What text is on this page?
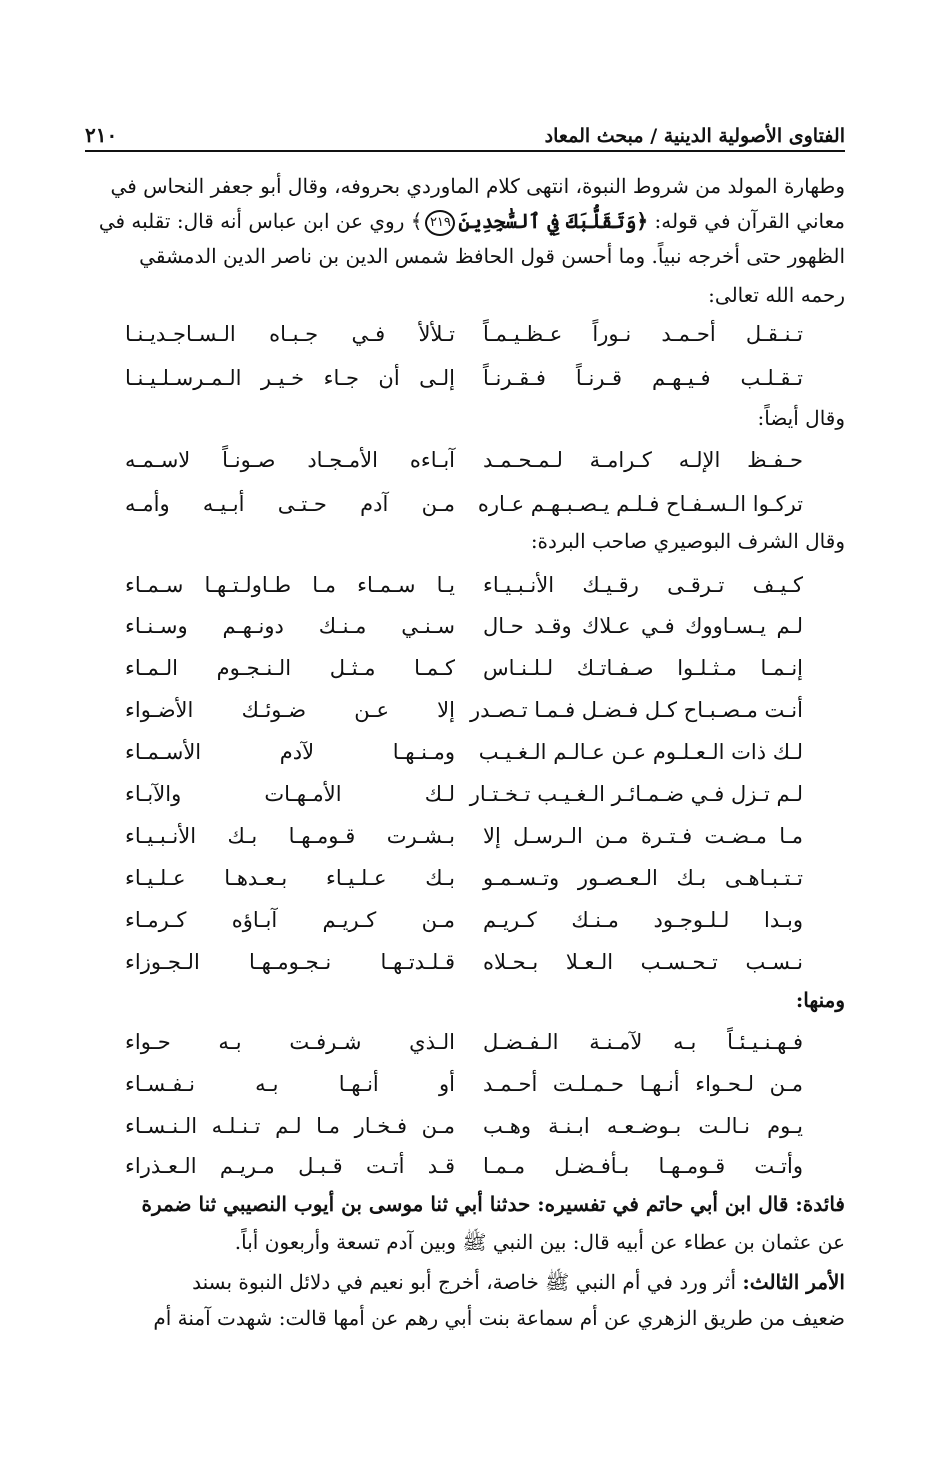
الفتاوى الأصولية الدينية / مبحث المعاد
٢١٠
وطهارة المولد من شروط النبوة، انتهى كلام الماوردي بحروفه، وقال أبو جعفر النحاس في
معاني القرآن في قوله: ﴿وَتَقَلُّبَكَ فِي ٱلسَّٰجِدِينَ٢١٩﴾ روي عن ابن عباس أنه قال: تقلبه في
الظهور حتى أخرجه نبياً. وما أحسن قول الحافظ شمس الدين بن ناصر الدين الدمشقي
رحمه الله تعالى:
تـنـقـل أحـمـد نـوراً عـظـيـمـاً
تـلألأ فـي جـبـاه الـسـاجـديـنـا
تـقـلـب فـيـهـم قـرنـاً فـقـرنـاً
إلـى أن جـاء خـيـر الـمـرسـلـيـنـا
وقال أيضاً:
حـفـظ الإلـه كـرامـة لـمـحـمـد
آبـاءه الأمـجـاد صـونـاً لاسـمـه
تركـوا الـسـفـاح فـلـم يـصـبـهـم عـاره
مـن آدم حـتـى أبـيـه وأمـه
وقال الشرف البوصيري صاحب البردة:
كـيـف تـرقـى رقـيـك الأنـبـيـاء
يـا سـمـاء مـا طـاولـتـهـا سـمـاء
لـم يـسـاووك فـي عـلاك وقـد حـال
سـنـي مـنـك دونـهـم وسـنـاء
إنـمـا مـثـلـوا صـفـاتـك لـلـنـاس
كـمـا مـثـل الـنـجـوم الـمـاء
أنـت مـصـبـاح كـل فـضـل فـمـا تـصـدر
إلا عـن ضـوئـك الأضـواء
لـك ذات الـعـلـوم عـن عـالـم الـغـيـب
ومـنـهـا لآدم الأسـمـاء
لـم تـزل فـي ضـمـائـر الـغـيـب تـخـتـار
لـك الأمـهـات والآبـاء
مـا مـضـت فـتـرة مـن الـرسـل إلا
بـشـرت قـومـهـا بـك الأنـبـيـاء
تـتـبـاهـى بـك الـعـصـور وتـسـمـو
بـك عـلـيـاء بـعـدهـا عـلـيـاء
وبـدا لـلـوجـود مـنـك كـريـم
مـن كـريـم آبـاؤه كـرمـاء
نـسـب تـحـسـب الـعـلا بـحـلاه
قـلـدتـهـا نـجـومـهـا الـجـوزاء
ومنها:
فـهـنـيـئـاً بـه لآمـنـة الـفـضـل
الـذي شـرفـت بـه حـواء
مـن لـحـواء أنـهـا حـمـلـت أحـمـد
أو أنـهـا بـه نـفـسـاء
يـوم نـالـت بـوضـعـه ابـنـة وهـب
مـن فـخـار مـا لـم تـنـلـه الـنـسـاء
وأتـت قـومـهـا بـأفـضـل مـمـا
قـد أتـت قـبـل مـريـم الـعـذراء
فائدة: قال ابن أبي حاتم في تفسيره: حدثنا أبي ثنا موسى بن أيوب النصيبي ثنا ضمرة
عن عثمان بن عطاء عن أبيه قال: بين النبي ﷺ وبين آدم تسعة وأربعون أباً.
الأمر الثالث: أثر ورد في أم النبي ﷺ خاصة، أخرج أبو نعيم في دلائل النبوة بسند
ضعيف من طريق الزهري عن أم سماعة بنت أبي رهم عن أمها قالت: شهدت آمنة أم
